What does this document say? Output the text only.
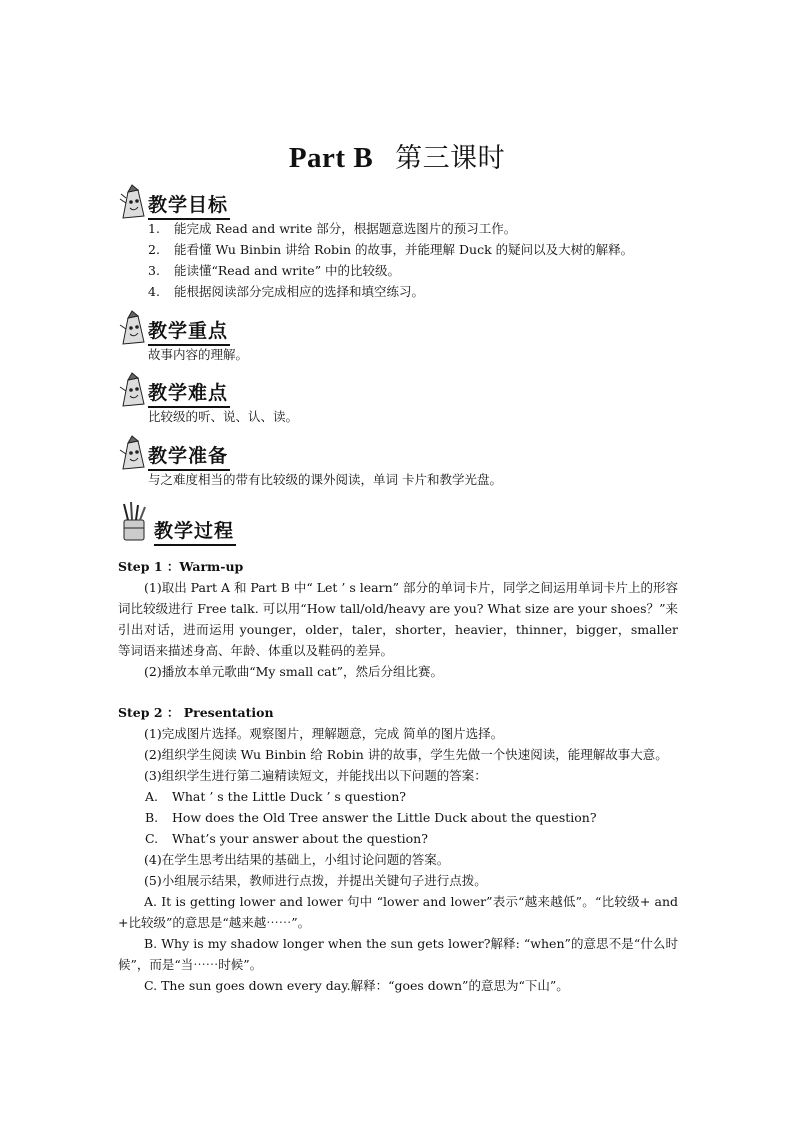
Part B 第三课时
教学目标
1.	能完成 Read and write 部分，根据题意选图片的预习工作。
2.	能看懂 Wu Binbin 讲给 Robin 的故事，并能理解 Duck 的疑问以及大树的解释。
3.	能读懂“Read and write” 中的比较级。
4.	能根据阅读部分完成相应的选择和填空练习。
教学重点
故事内容的理解。
教学难点
比较级的听、说、认、读。
教学准备
与之难度相当的带有比较级的课外阅读，单词 卡片和教学光盘。
教学过程
Step 1 ：Warm-up

(1)取出 Part A 和 Part B 中“ Let ’ s learn” 部分的单词卡片，同学之间运用单词卡片上的形容词比较级进行 Free talk. 可以用“How tall/old/heavy are you? What size are your shoes？”来引出对话，进而运用 younger，older，taler，shorter，heavier，thinner，bigger，smaller 等词语来描述身高、年龄、体重以及鞋码的差异。

(2)播放本单元歌曲“My small cat”，然后分组比赛。

Step 2 ： Presentation

(1)完成图片选择。观察图片，理解题意，完成 简单的图片选择。

(2)组织学生阅读 Wu Binbin 给 Robin 讲的故事，学生先做一个快速阅读，能理解故事大意。

(3)组织学生进行第二遍精读短文，并能找出以下问题的答案：

A.	What ’ s the Little Duck ’ s question?
B.	How does the Old Tree answer the Little Duck about the question?
C.	What’s your answer about the question?

(4)在学生思考出结果的基础上，小组讨论问题的答案。

(5)小组展示结果，教师进行点拨，并提出关键句子进行点拨。

A. It is getting lower and lower 句中 “lower and lower”表示“越来越低”。“比较级+ and +比较级”的意思是“越来越⋯⋯”。

B. Why is my shadow longer when the sun gets lower?解释: “when”的意思不是“什么时候”，而是“当⋯⋯时候”。

C. The sun goes down every day.解释：“goes down”的意思为“下山”。
